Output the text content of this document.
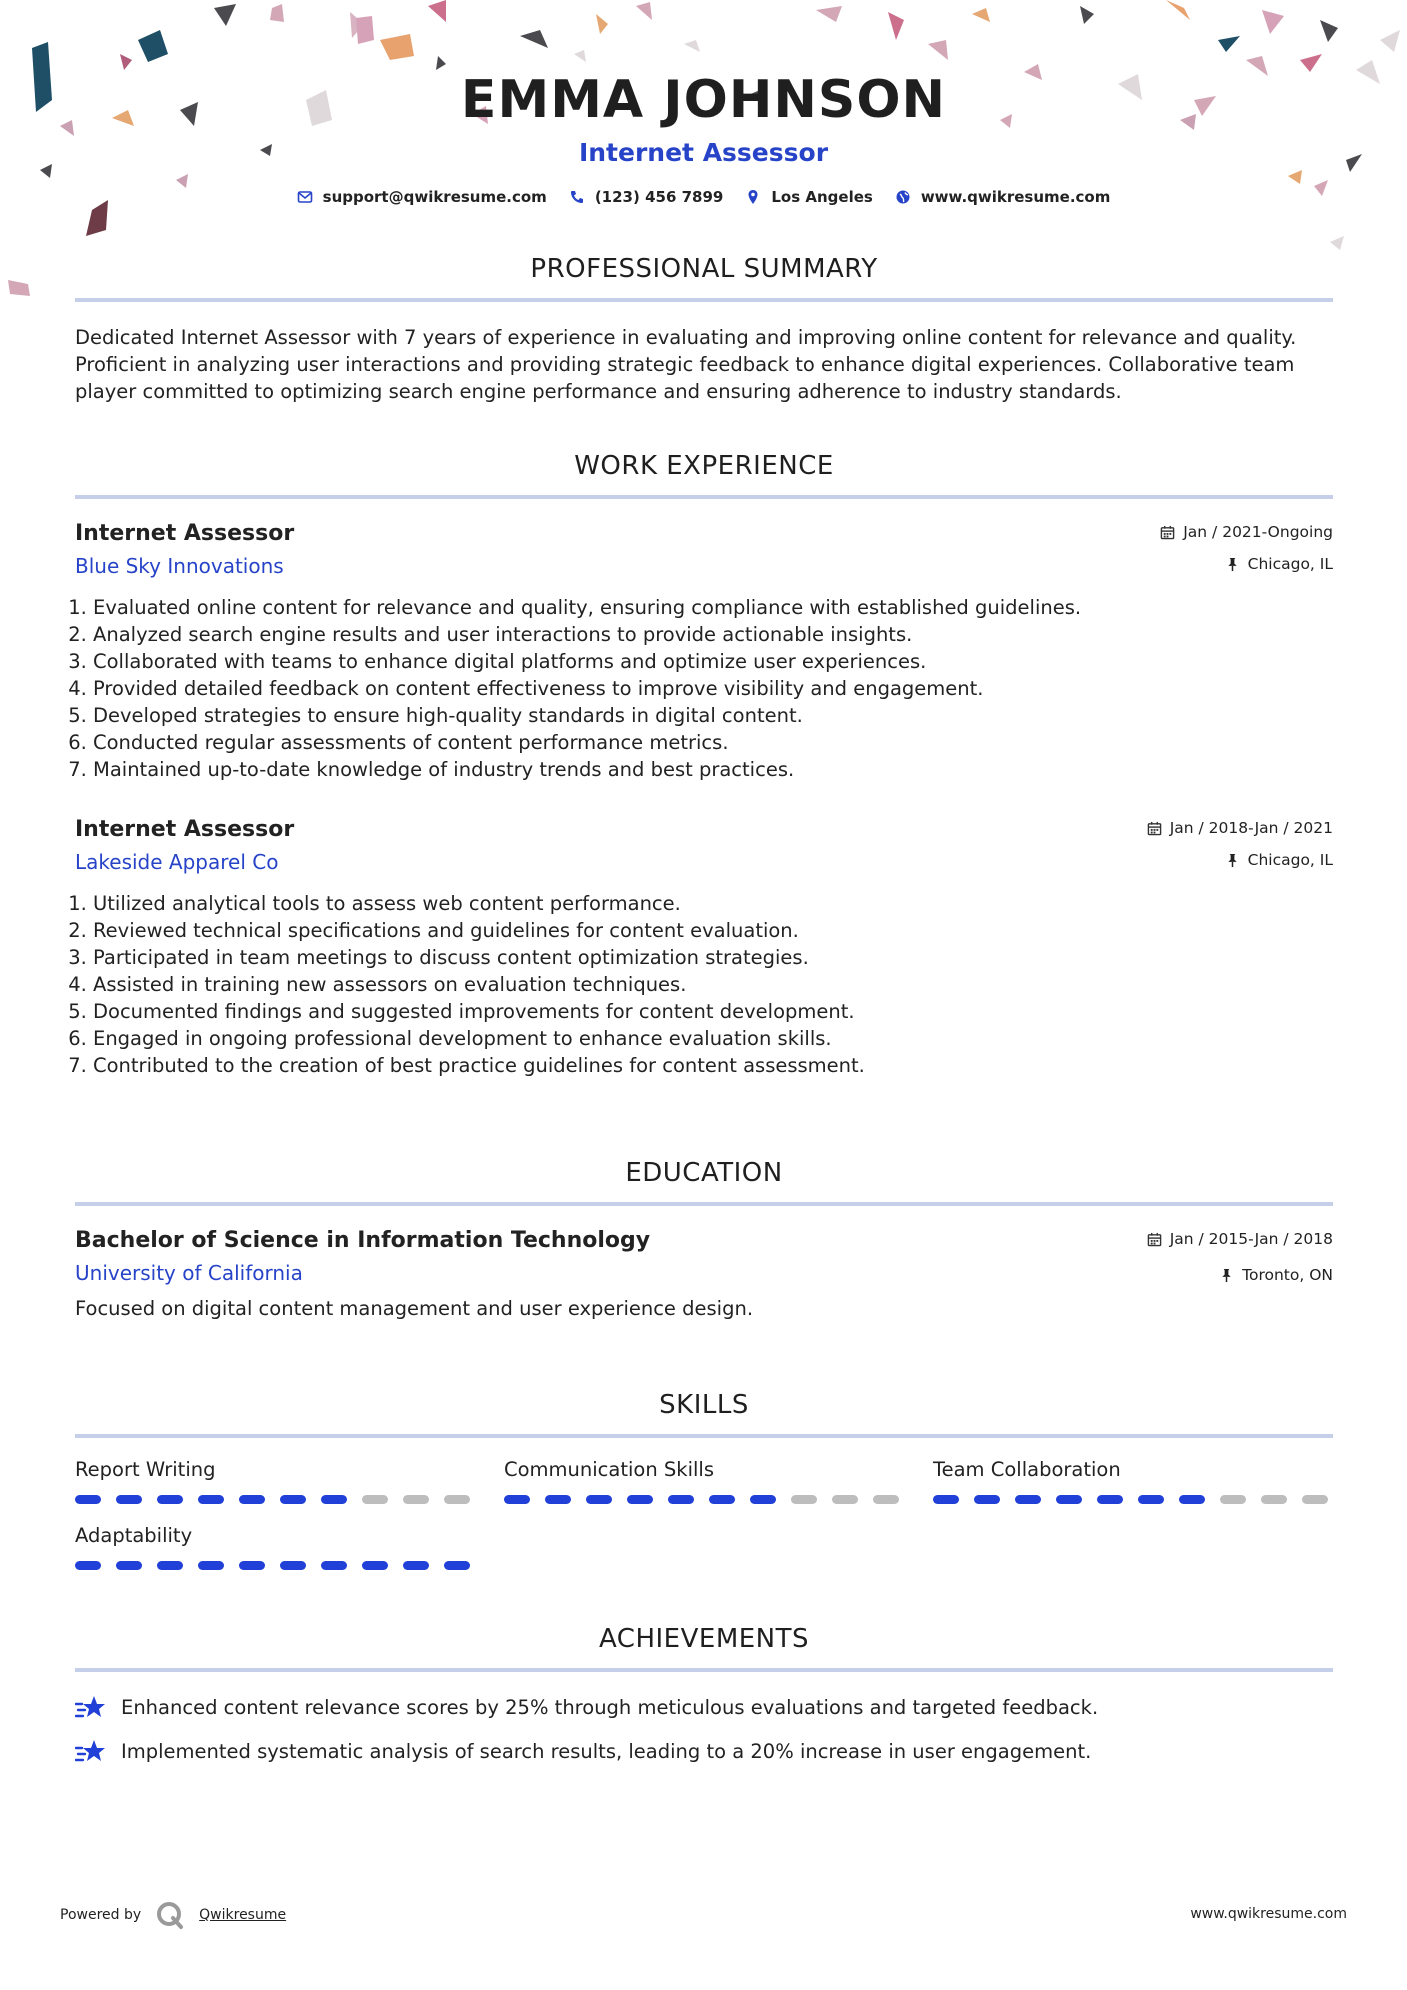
EMMA JOHNSON
Internet Assessor
support@qwikresume.com	(123) 456 7899	Los Angeles	www.qwikresume.com
PROFESSIONAL SUMMARY

Dedicated Internet Assessor with 7 years of experience in evaluating and improving online content for relevance and quality. Proficient in analyzing user interactions and providing strategic feedback to enhance digital experiences. Collaborative team player committed to optimizing search engine performance and ensuring adherence to industry standards.

WORK EXPERIENCE
Internet Assessor
Blue Sky Innovations
Jan / 2021-Ongoing
Chicago, IL
1. Evaluated online content for relevance and quality, ensuring compliance with established guidelines.
2. Analyzed search engine results and user interactions to provide actionable insights.
3. Collaborated with teams to enhance digital platforms and optimize user experiences.
4. Provided detailed feedback on content effectiveness to improve visibility and engagement.
5. Developed strategies to ensure high-quality standards in digital content.
6. Conducted regular assessments of content performance metrics.
7. Maintained up-to-date knowledge of industry trends and best practices.
Internet Assessor
Lakeside Apparel Co
Jan / 2018-Jan / 2021
Chicago, IL
1. Utilized analytical tools to assess web content performance.
2. Reviewed technical specifications and guidelines for content evaluation.
3. Participated in team meetings to discuss content optimization strategies.
4. Assisted in training new assessors on evaluation techniques.
5. Documented findings and suggested improvements for content development.
6. Engaged in ongoing professional development to enhance evaluation skills.
7. Contributed to the creation of best practice guidelines for content assessment.
EDUCATION
Bachelor of Science in Information Technology
University of California
Jan / 2015-Jan / 2018
Toronto, ON

Focused on digital content management and user experience design.

SKILLS
Report Writing	Communication Skills	Team Collaboration
Adaptability
ACHIEVEMENTS
Enhanced content relevance scores by 25% through meticulous evaluations and targeted feedback.
Implemented systematic analysis of search results, leading to a 20% increase in user engagement.
Powered by	Qwikresume	www.qwikresume.com
